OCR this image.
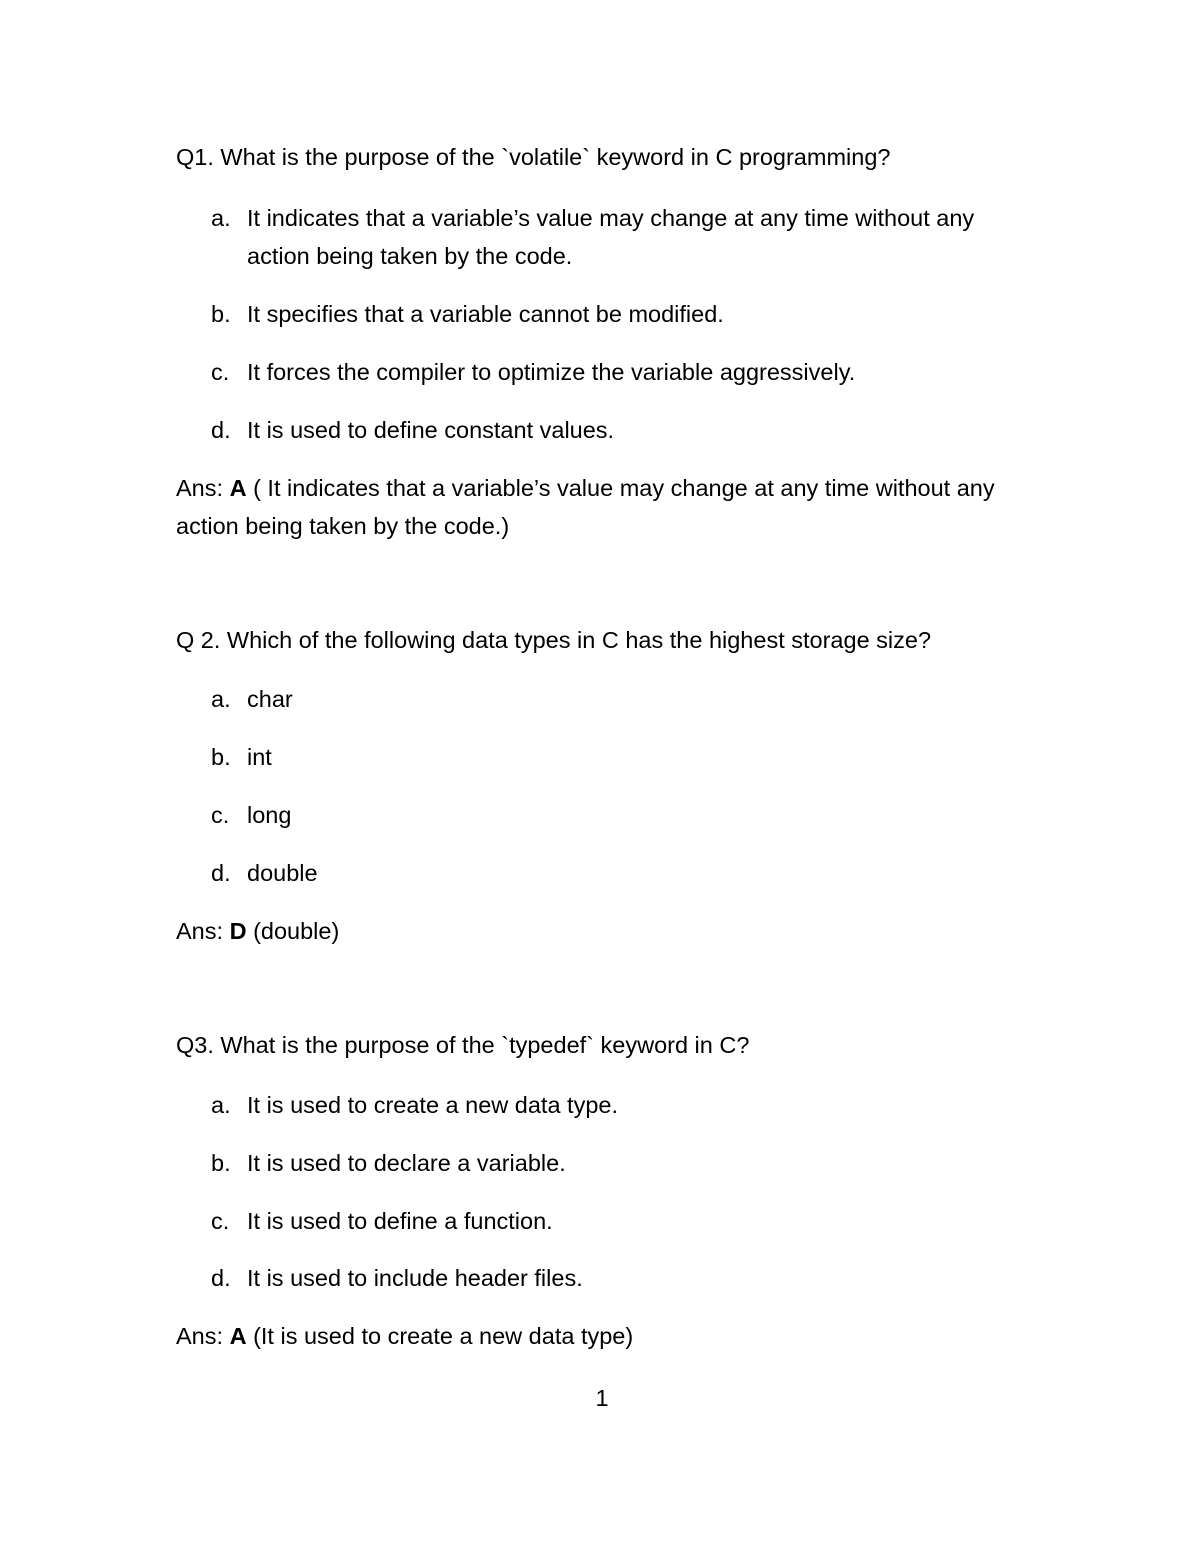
Q1. What is the purpose of the `volatile` keyword in C programming?
a. It indicates that a variable’s value may change at any time without any action being taken by the code.
b. It specifies that a variable cannot be modified.
c. It forces the compiler to optimize the variable aggressively.
d. It is used to define constant values.
Ans: A ( It indicates that a variable’s value may change at any time without any action being taken by the code.)
Q 2. Which of the following data types in C has the highest storage size?
a. char
b. int
c. long
d. double
Ans: D (double)
Q3. What is the purpose of the `typedef` keyword in C?
a. It is used to create a new data type.
b. It is used to declare a variable.
c. It is used to define a function.
d. It is used to include header files.
Ans: A (It is used to create a new data type)
1
